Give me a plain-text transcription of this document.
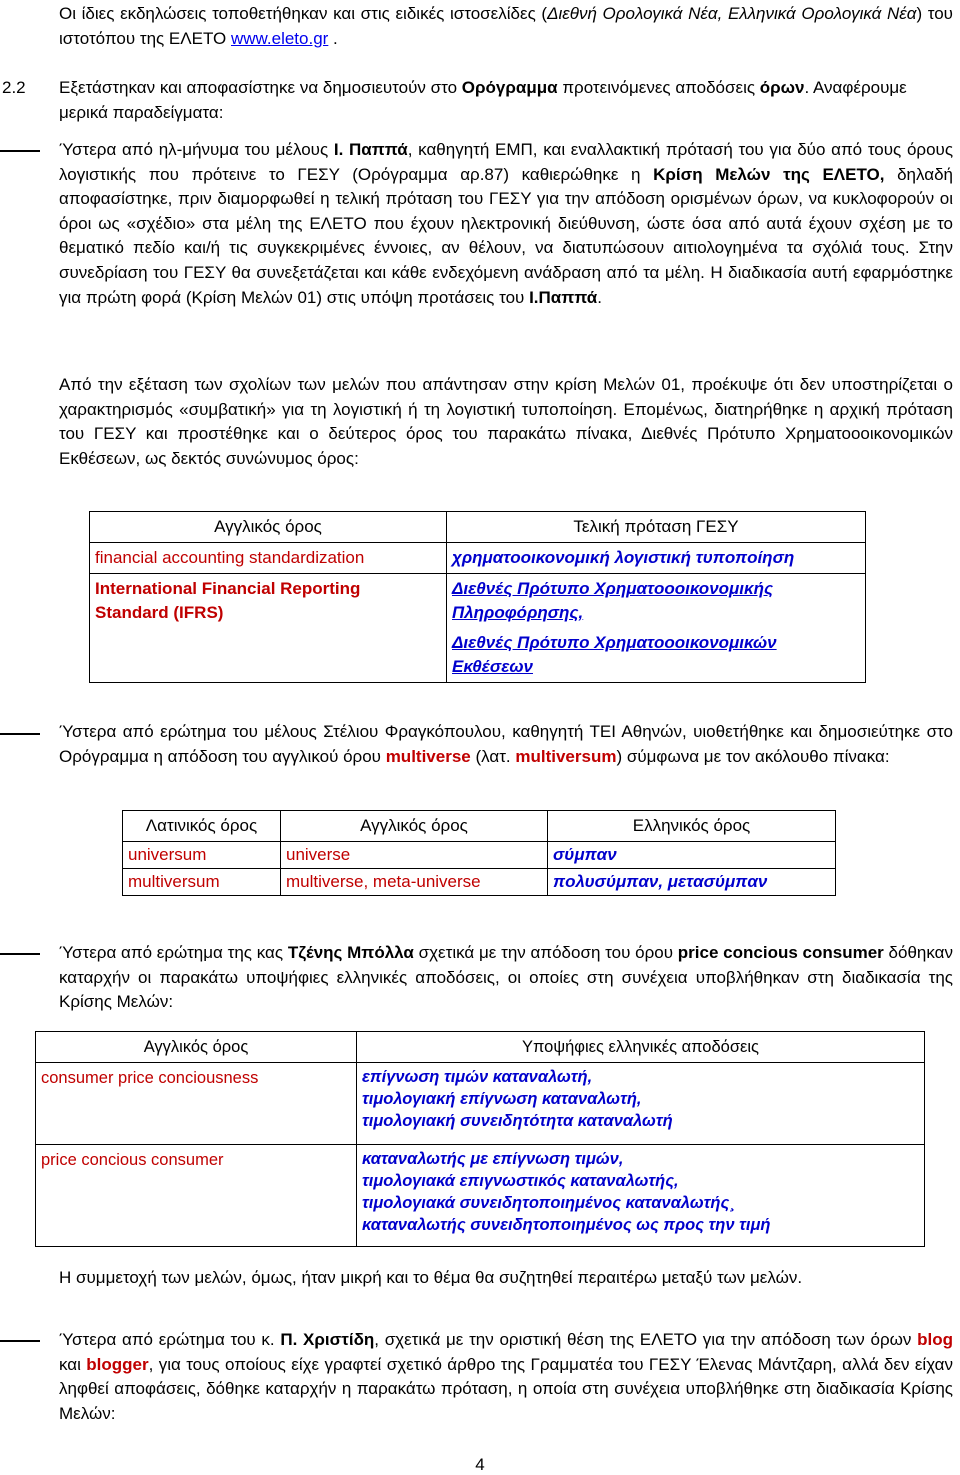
Οι ίδιες εκδηλώσεις τοποθετήθηκαν και στις ειδικές ιστοσελίδες (Διεθνή Ορολογικά Νέα, Ελληνικά Ορολογικά Νέα) του ιστοτόπου της ΕΛΕΤΟ www.eleto.gr .

2.2 Εξετάστηκαν και αποφασίστηκε να δημοσιευτούν στο Ορόγραμμα προτεινόμενες αποδόσεις όρων. Αναφέρουμε μερικά παραδείγματα:

Ύστερα από ηλ-μήνυμα του μέλους Ι. Παππά, καθηγητή ΕΜΠ, και εναλλακτική πρότασή του για δύο από τους όρους λογιστικής που πρότεινε το ΓΕΣΥ (Ορόγραμμα αρ.87) καθιερώθηκε η Κρίση Μελών της ΕΛΕΤΟ, δηλαδή αποφασίστηκε, πριν διαμορφωθεί η τελική πρόταση του ΓΕΣΥ για την απόδοση ορισμένων όρων, να κυκλοφορούν οι όροι ως «σχέδιο» στα μέλη της ΕΛΕΤΟ που έχουν ηλεκτρονική διεύθυνση, ώστε όσα από αυτά έχουν σχέση με το θεματικό πεδίο και/ή τις συγκεκριμένες έννοιες, αν θέλουν, να διατυπώσουν αιτιολογημένα τα σχόλιά τους. Στην συνεδρίαση του ΓΕΣΥ θα συνεξετάζεται και κάθε ενδεχόμενη ανάδραση από τα μέλη. Η διαδικασία αυτή εφαρμόστηκε για πρώτη φορά (Κρίση Μελών 01) στις υπόψη προτάσεις του Ι.Παππά.

Από την εξέταση των σχολίων των μελών που απάντησαν στην κρίση Μελών 01, προέκυψε ότι δεν υποστηρίζεται ο χαρακτηρισμός «συμβατική» για τη λογιστική ή τη λογιστική τυποποίηση. Επομένως, διατηρήθηκε η αρχική πρόταση του ΓΕΣΥ και προστέθηκε και ο δεύτερος όρος του παρακάτω πίνακα, Διεθνές Πρότυπο Χρηματοοοικονομικών Εκθέσεων, ως δεκτός συνώνυμος όρος:

Αγγλικός όρος	Τελική πρόταση ΓΕΣΥ
financial accounting standardization	χρηματοοικονομική λογιστική τυποποίηση
International Financial Reporting Standard (IFRS)	Διεθνές Πρότυπο Χρηματοοοικονομικής Πληροφόρησης,
Διεθνές Πρότυπο Χρηματοοοικονομικών Εκθέσεων

Ύστερα από ερώτημα του μέλους Στέλιου Φραγκόπουλου, καθηγητή ΤΕΙ Αθηνών, υιοθετήθηκε και δημοσιεύτηκε στο Ορόγραμμα η απόδοση του αγγλικού όρου multiverse (λατ. multiversum) σύμφωνα με τον ακόλουθο πίνακα:

Λατινικός όρος	Αγγλικός όρος	Ελληνικός όρος
universum	universe	σύμπαν
multiversum	multiverse, meta-universe	πολυσύμπαν, μετασύμπαν

Ύστερα από ερώτημα της κας Τζένης Μπόλλα σχετικά με την απόδοση του όρου price concious consumer δόθηκαν καταρχήν οι παρακάτω υποψήφιες ελληνικές αποδόσεις, οι οποίες στη συνέχεια υποβλήθηκαν στη διαδικασία της Κρίσης Μελών:

Αγγλικός όρος	Υποψήφιες ελληνικές αποδόσεις
consumer price conciousness	επίγνωση τιμών καταναλωτή,
τιμολογιακή επίγνωση καταναλωτή,
τιμολογιακή συνειδητότητα καταναλωτή

price concious consumer	καταναλωτής με επίγνωση τιμών,
τιμολογιακά επιγνωστικός καταναλωτής,
τιμολογιακά συνειδητοποιημένος καταναλωτής¸
καταναλωτής συνειδητοποιημένος ως προς την τιμή

Η συμμετοχή των μελών, όμως, ήταν μικρή και το θέμα θα συζητηθεί περαιτέρω μεταξύ των μελών.

Ύστερα από ερώτημα του κ. Π. Χριστίδη, σχετικά με την οριστική θέση της ΕΛΕΤΟ για την απόδοση των όρων blog και blogger, για τους οποίους είχε γραφτεί σχετικό άρθρο της Γραμματέα του ΓΕΣΥ Έλενας Μάντζαρη, αλλά δεν είχαν ληφθεί αποφάσεις, δόθηκε καταρχήν η παρακάτω πρόταση, η οποία στη συνέχεια υποβλήθηκε στη διαδικασία Κρίσης Μελών:

4
